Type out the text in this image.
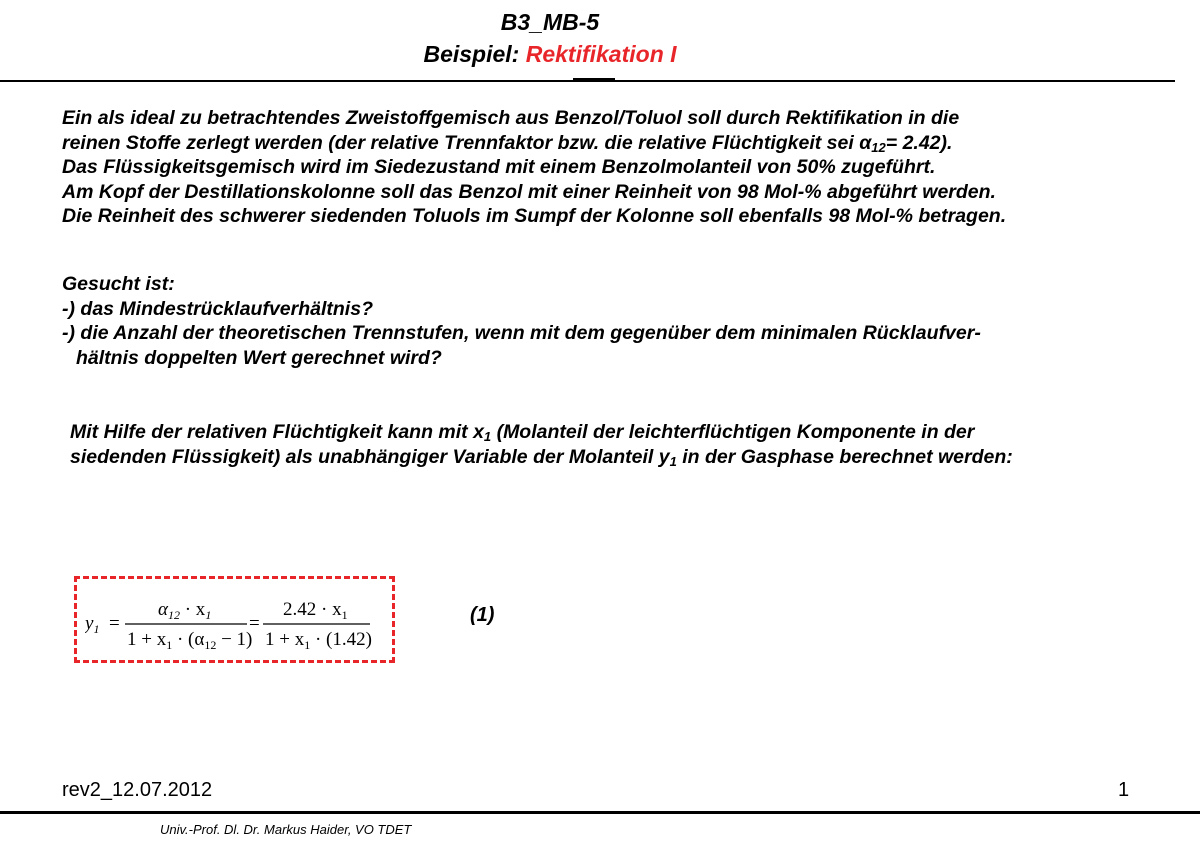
B3_MB-5
Beispiel: Rektifikation I
Ein als ideal zu betrachtendes Zweistoffgemisch aus Benzol/Toluol soll durch Rektifikation in die
reinen Stoffe zerlegt werden (der relative Trennfaktor bzw. die relative Flüchtigkeit sei $\alpha_{12}= 2.42$).
Das Flüssigkeitsgemisch wird im Siedezustand mit einem Benzolmolanteil von 50% zugeführt.
Am Kopf der Destillationskolonne soll das Benzol mit einer Reinheit von 98 Mol-% abgeführt werden.
Die Reinheit des schwerer siedenden Toluols im Sumpf der Kolonne soll ebenfalls 98 Mol-% betragen.
Gesucht ist:
-) das Mindestrücklaufverhältnis?
-) die Anzahl der theoretischen Trennstufen, wenn mit dem gegenüber dem minimalen Rücklaufver-
hältnis doppelten Wert gerechnet wird?
Mit Hilfe der relativen Flüchtigkeit kann mit $x_1$ (Molanteil der leichterflüchtigen Komponente in der
siedenden Flüssigkeit) als unabhängiger Variable der Molanteil $y_1$ in der Gasphase berechnet werden:
$y_1$ =
$\alpha_{12} \cdot x_1$
$1 + x_1 \cdot (\alpha_{12} - 1)$
=
$2.42 \cdot x_1$
$1 + x_1 \cdot (1.42)$
(1)
rev2_12.07.2012	1
Univ.-Prof. Dl. Dr. Markus Haider, VO TDET
